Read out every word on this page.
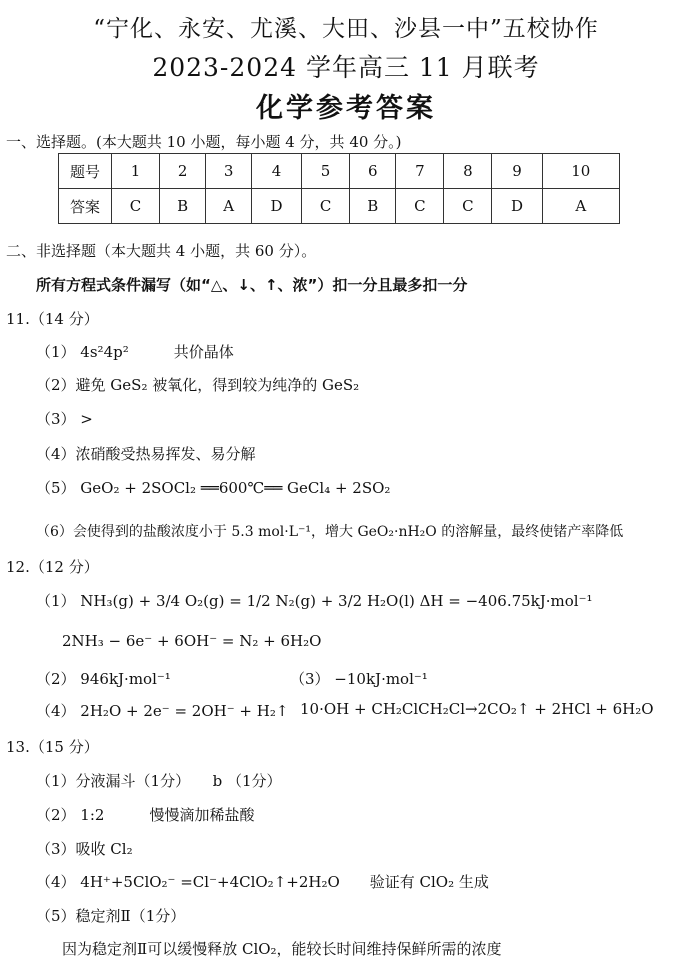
“宁化、永安、尤溪、大田、沙县一中”五校协作
2023-2024 学年高三 11 月联考
化学参考答案
一、选择题。(本大题共 10 小题，每小题 4 分，共 40 分。)
题号	1	2	3	4	5	6	7	8	9	10
答案	C	B	A	D	C	B	C	C	D	A
二、非选择题（本大题共 4 小题，共 60 分）。
所有方程式条件漏写（如“△、↓、↑、浓”）扣一分且最多扣一分
11.（14 分）
（1） 4s²4p²　　　共价晶体
（2）避免 GeS₂ 被氧化，得到较为纯净的 GeS₂
（3） >
（4）浓硝酸受热易挥发、易分解
（5） GeO₂ + 2SOCl₂ ══600℃══ GeCl₄ + 2SO₂
（6）会使得到的盐酸浓度小于 5.3 mol·L⁻¹，增大 GeO₂·nH₂O 的溶解量，最终使锗产率降低
12.（12 分）
（1） NH₃(g) + 3/4 O₂(g) = 1/2 N₂(g) + 3/2 H₂O(l) ΔH = −406.75kJ·mol⁻¹
2NH₃ − 6e⁻ + 6OH⁻ = N₂ + 6H₂O
（2） 946kJ·mol⁻¹	（3） −10kJ·mol⁻¹
（4） 2H₂O + 2e⁻ = 2OH⁻ + H₂↑ 10·OH + CH₂ClCH₂Cl→2CO₂↑ + 2HCl + 6H₂O
13.（15 分）
（1）分液漏斗（1分）　　b （1分）
（2） 1:2　　　慢慢滴加稀盐酸
（3）吸收 Cl₂
（4） 4H⁺+5ClO₂⁻ =Cl⁻+4ClO₂↑+2H₂O　　验证有 ClO₂ 生成
（5）稳定剂Ⅱ（1分）
因为稳定剂Ⅱ可以缓慢释放 ClO₂，能较长时间维持保鲜所需的浓度
